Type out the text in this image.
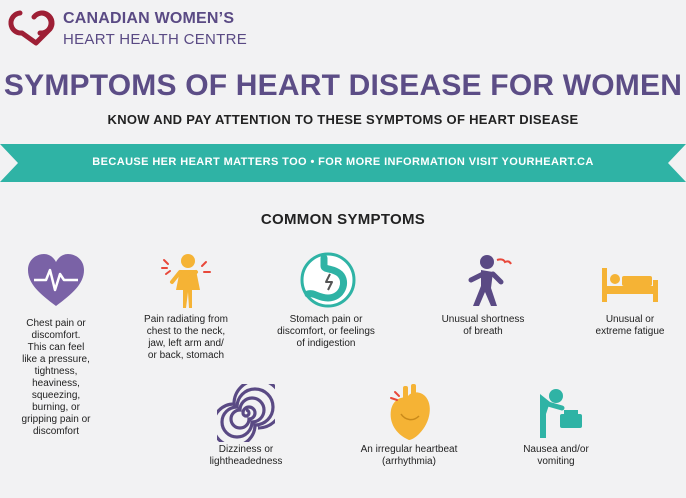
CANADIAN WOMEN’S
HEART HEALTH CENTRE
SYMPTOMS OF HEART DISEASE FOR WOMEN
KNOW AND PAY ATTENTION TO THESE SYMPTOMS OF HEART DISEASE
BECAUSE HER HEART MATTERS TOO • FOR MORE INFORMATION VISIT YOURHEART.CA
COMMON SYMPTOMS
Chest pain or
discomfort.
This can feel
like a pressure,
tightness,
heaviness,
squeezing,
burning, or
gripping pain or
discomfort
Pain radiating from
chest to the neck,
jaw, left arm and/
or back, stomach
Stomach pain or
discomfort, or feelings
of indigestion
Unusual shortness
of breath
Unusual or
extreme fatigue
Dizziness or
lightheadedness
An irregular heartbeat
(arrhythmia)
Nausea and/or
vomiting
